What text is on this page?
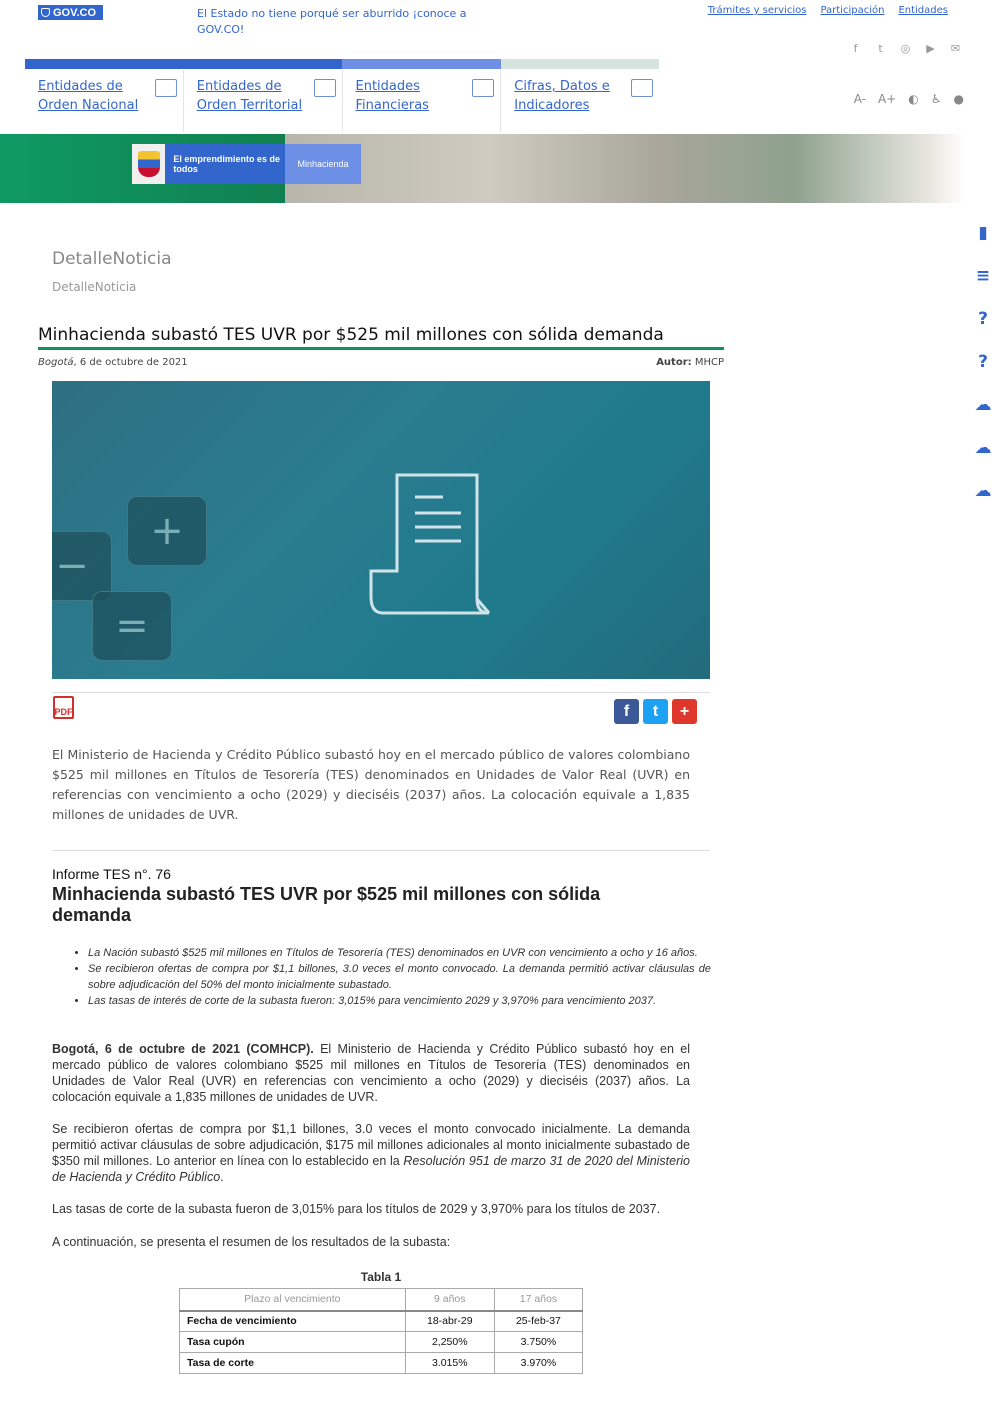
GOV.CO	El Estado no tiene porqué ser aburrido ¡conoce a GOV.CO!
Trámites y servicios Participación Entidades
f	t	◎ ▶ ✉
Entidades de Orden Nacional
Entidades de Orden Territorial
Entidades Financieras
Cifras, Datos e Indicadores	A- A+ ◐ ♿ ●
El emprendimiento es de todos	Minhacienda
▮
≡
?
?
☁
☁
☁
DetalleNoticia
DetalleNoticia
Minhacienda subastó TES UVR por $525 mil millones con sólida demanda
Bogotá, 6 de octubre de 2021	Autor: MHCP
−
+
=
PDF	f	t	+
El Ministerio de Hacienda y Crédito Público subastó hoy en el mercado público de valores colombiano $525 mil millones en Títulos de Tesorería (TES) denominados en Unidades de Valor Real (UVR) en referencias con vencimiento a ocho (2029) y dieciséis (2037) años. La colocación equivale a 1,835 millones de unidades de UVR.
Informe TES n°. 76
Minhacienda subastó TES UVR por $525 mil millones con sólida demanda
• La Nación subastó $525 mil millones en Títulos de Tesorería (TES) denominados en UVR con vencimiento a ocho y 16 años.
• Se recibieron ofertas de compra por $1,1 billones, 3.0 veces el monto convocado. La demanda permitió activar cláusulas de sobre adjudicación del 50% del monto inicialmente subastado.
• Las tasas de interés de corte de la subasta fueron: 3,015% para vencimiento 2029 y 3,970% para vencimiento 2037.

Bogotá, 6 de octubre de 2021 (COMHCP). El Ministerio de Hacienda y Crédito Público subastó hoy en el mercado público de valores colombiano $525 mil millones en Títulos de Tesorería (TES) denominados en Unidades de Valor Real (UVR) en referencias con vencimiento a ocho (2029) y dieciséis (2037) años. La colocación equivale a 1,835 millones de unidades de UVR.

Se recibieron ofertas de compra por $1,1 billones, 3.0 veces el monto convocado inicialmente. La demanda permitió activar cláusulas de sobre adjudicación, $175 mil millones adicionales al monto inicialmente subastado de $350 mil millones. Lo anterior en línea con lo establecido en la Resolución 951 de marzo 31 de 2020 del Ministerio de Hacienda y Crédito Público.

Las tasas de corte de la subasta fueron de 3,015% para los títulos de 2029 y 3,970% para los títulos de 2037.

A continuación, se presenta el resumen de los resultados de la subasta:

Tabla 1
Plazo al vencimiento	9 años	17 años
Fecha de vencimiento	18-abr-29	25-feb-37
Tasa cupón	2,250%	3.750%
Tasa de corte	3.015%	3.970%
